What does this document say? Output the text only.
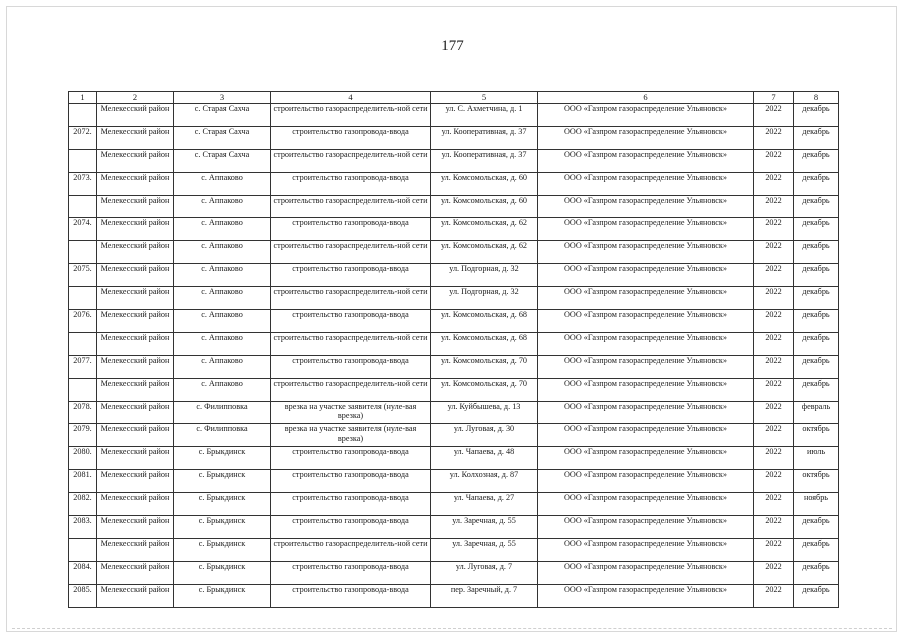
177
1	2	3	4	5	6	7	8
	Мелекесский район	с. Старая Сахча	строительство газораспределитель-ной сети	ул. С. Ахметчина, д. 1	ООО «Газпром газораспределение Ульяновск»	2022	декабрь
2072.	Мелекесский район	с. Старая Сахча	строительство газопровода-ввода	ул. Кооперативная, д. 37	ООО «Газпром газораспределение Ульяновск»	2022	декабрь
	Мелекесский район	с. Старая Сахча	строительство газораспределитель-ной сети	ул. Кооперативная, д. 37	ООО «Газпром газораспределение Ульяновск»	2022	декабрь
2073.	Мелекесский район	с. Аппаково	строительство газопровода-ввода	ул. Комсомольская, д. 60	ООО «Газпром газораспределение Ульяновск»	2022	декабрь
	Мелекесский район	с. Аппаково	строительство газораспределитель-ной сети	ул. Комсомольская, д. 60	ООО «Газпром газораспределение Ульяновск»	2022	декабрь
2074.	Мелекесский район	с. Аппаково	строительство газопровода-ввода	ул. Комсомольская, д. 62	ООО «Газпром газораспределение Ульяновск»	2022	декабрь
	Мелекесский район	с. Аппаково	строительство газораспределитель-ной сети	ул. Комсомольская, д. 62	ООО «Газпром газораспределение Ульяновск»	2022	декабрь
2075.	Мелекесский район	с. Аппаково	строительство газопровода-ввода	ул. Подгорная, д. 32	ООО «Газпром газораспределение Ульяновск»	2022	декабрь
	Мелекесский район	с. Аппаково	строительство газораспределитель-ной сети	ул. Подгорная, д. 32	ООО «Газпром газораспределение Ульяновск»	2022	декабрь
2076.	Мелекесский район	с. Аппаково	строительство газопровода-ввода	ул. Комсомольская, д. 68	ООО «Газпром газораспределение Ульяновск»	2022	декабрь
	Мелекесский район	с. Аппаково	строительство газораспределитель-ной сети	ул. Комсомольская, д. 68	ООО «Газпром газораспределение Ульяновск»	2022	декабрь
2077.	Мелекесский район	с. Аппаково	строительство газопровода-ввода	ул. Комсомольская, д. 70	ООО «Газпром газораспределение Ульяновск»	2022	декабрь
	Мелекесский район	с. Аппаково	строительство газораспределитель-ной сети	ул. Комсомольская, д. 70	ООО «Газпром газораспределение Ульяновск»	2022	декабрь
2078.	Мелекесский район	с. Филипповка	врезка на участке заявителя (нуле-вая врезка)	ул. Куйбышева, д. 13	ООО «Газпром газораспределение Ульяновск»	2022	февраль
2079.	Мелекесский район	с. Филипповка	врезка на участке заявителя (нуле-вая врезка)	ул. Луговая, д. 30	ООО «Газпром газораспределение Ульяновск»	2022	октябрь
2080.	Мелекесский район	с. Брыкдинск	строительство газопровода-ввода	ул. Чапаева, д. 48	ООО «Газпром газораспределение Ульяновск»	2022	июль
2081.	Мелекесский район	с. Брыкдинск	строительство газопровода-ввода	ул. Колхозная, д. 87	ООО «Газпром газораспределение Ульяновск»	2022	октябрь
2082.	Мелекесский район	с. Брыкдинск	строительство газопровода-ввода	ул. Чапаева, д. 27	ООО «Газпром газораспределение Ульяновск»	2022	ноябрь
2083.	Мелекесский район	с. Брыкдинск	строительство газопровода-ввода	ул. Заречная, д. 55	ООО «Газпром газораспределение Ульяновск»	2022	декабрь
	Мелекесский район	с. Брыкдинск	строительство газораспределитель-ной сети	ул. Заречная, д. 55	ООО «Газпром газораспределение Ульяновск»	2022	декабрь
2084.	Мелекесский район	с. Брыкдинск	строительство газопровода-ввода	ул. Луговая, д. 7	ООО «Газпром газораспределение Ульяновск»	2022	декабрь
2085.	Мелекесский район	с. Брыкдинск	строительство газопровода-ввода	пер. Заречный, д. 7	ООО «Газпром газораспределение Ульяновск»	2022	декабрь
